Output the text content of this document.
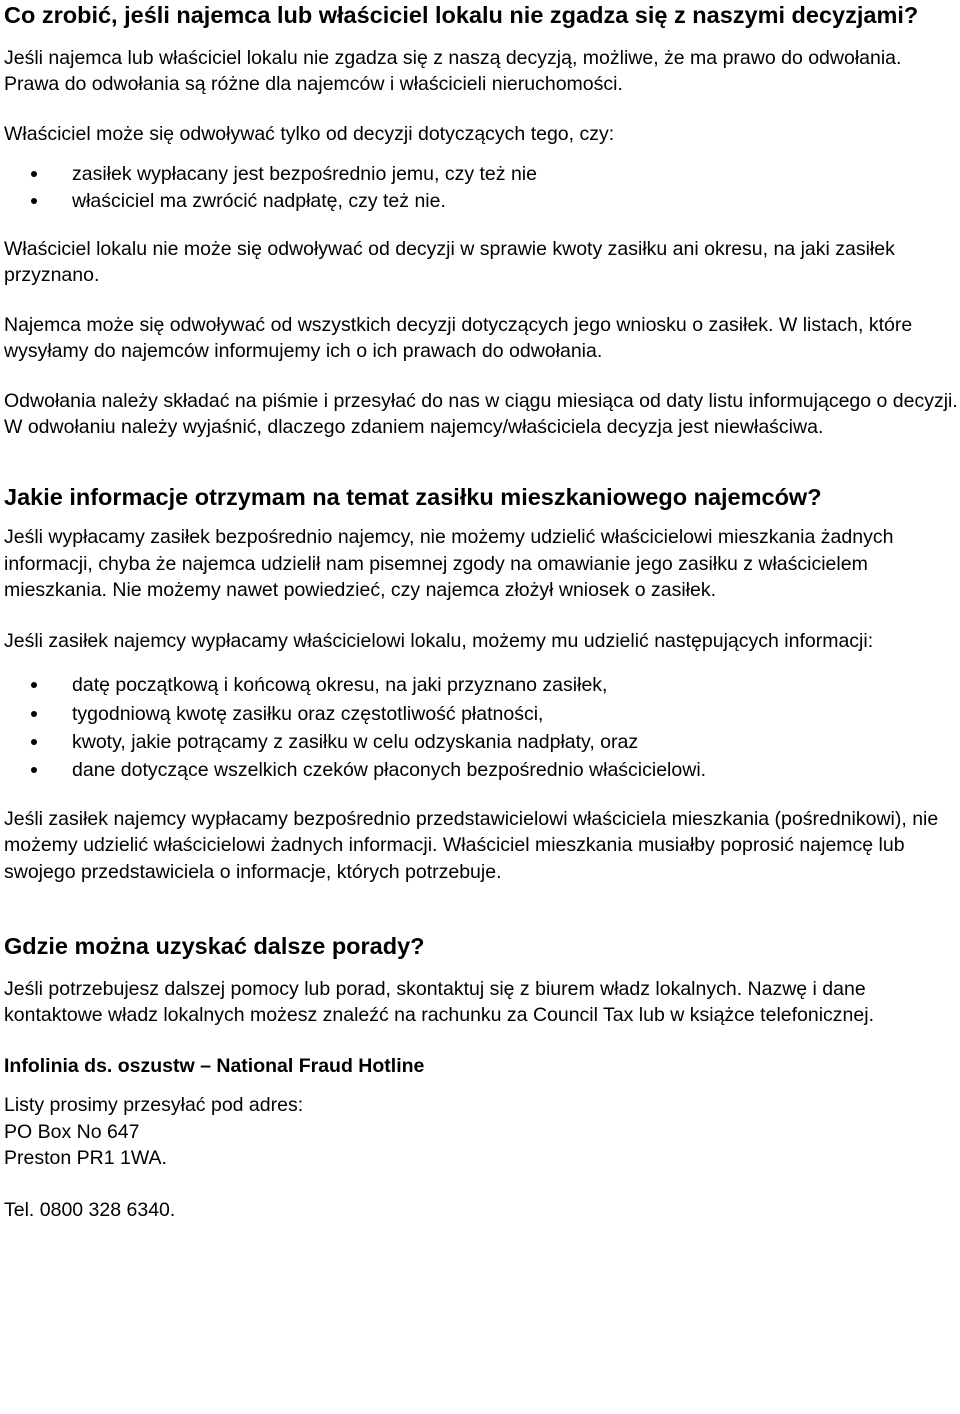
Co zrobić, jeśli najemca lub właściciel lokalu nie zgadza się z naszymi decyzjami?

Jeśli najemca lub właściciel lokalu nie zgadza się z naszą decyzją, możliwe, że ma prawo do odwołania. Prawa do odwołania są różne dla najemców i właścicieli nieruchomości.

Właściciel może się odwoływać tylko od decyzji dotyczących tego, czy:

zasiłek wypłacany jest bezpośrednio jemu, czy też nie
właściciel ma zwrócić nadpłatę, czy też nie.

Właściciel lokalu nie może się odwoływać od decyzji w sprawie kwoty zasiłku ani okresu, na jaki zasiłek przyznano.

Najemca może się odwoływać od wszystkich decyzji dotyczących jego wniosku o zasiłek. W listach, które wysyłamy do najemców informujemy ich o ich prawach do odwołania.

Odwołania należy składać na piśmie i przesyłać do nas w ciągu miesiąca od daty listu informującego o decyzji. W odwołaniu należy wyjaśnić, dlaczego zdaniem najemcy/właściciela decyzja jest niewłaściwa.

Jakie informacje otrzymam na temat zasiłku mieszkaniowego najemców?

Jeśli wypłacamy zasiłek bezpośrednio najemcy, nie możemy udzielić właścicielowi mieszkania żadnych informacji, chyba że najemca udzielił nam pisemnej zgody na omawianie jego zasiłku z właścicielem mieszkania. Nie możemy nawet powiedzieć, czy najemca złożył wniosek o zasiłek.

Jeśli zasiłek najemcy wypłacamy właścicielowi lokalu, możemy mu udzielić następujących informacji:

datę początkową i końcową okresu, na jaki przyznano zasiłek,
tygodniową kwotę zasiłku oraz częstotliwość płatności,
kwoty, jakie potrącamy z zasiłku w celu odzyskania nadpłaty, oraz
dane dotyczące wszelkich czeków płaconych bezpośrednio właścicielowi.

Jeśli zasiłek najemcy wypłacamy bezpośrednio przedstawicielowi właściciela mieszkania (pośrednikowi), nie możemy udzielić właścicielowi żadnych informacji. Właściciel mieszkania musiałby poprosić najemcę lub swojego przedstawiciela o informacje, których potrzebuje.

Gdzie można uzyskać dalsze porady?

Jeśli potrzebujesz dalszej pomocy lub porad, skontaktuj się z biurem władz lokalnych. Nazwę i dane kontaktowe władz lokalnych możesz znaleźć na rachunku za Council Tax lub w książce telefonicznej.

Infolinia ds. oszustw – National Fraud Hotline

Listy prosimy przesyłać pod adres:

PO Box No 647

Preston PR1 1WA.

Tel. 0800 328 6340.
